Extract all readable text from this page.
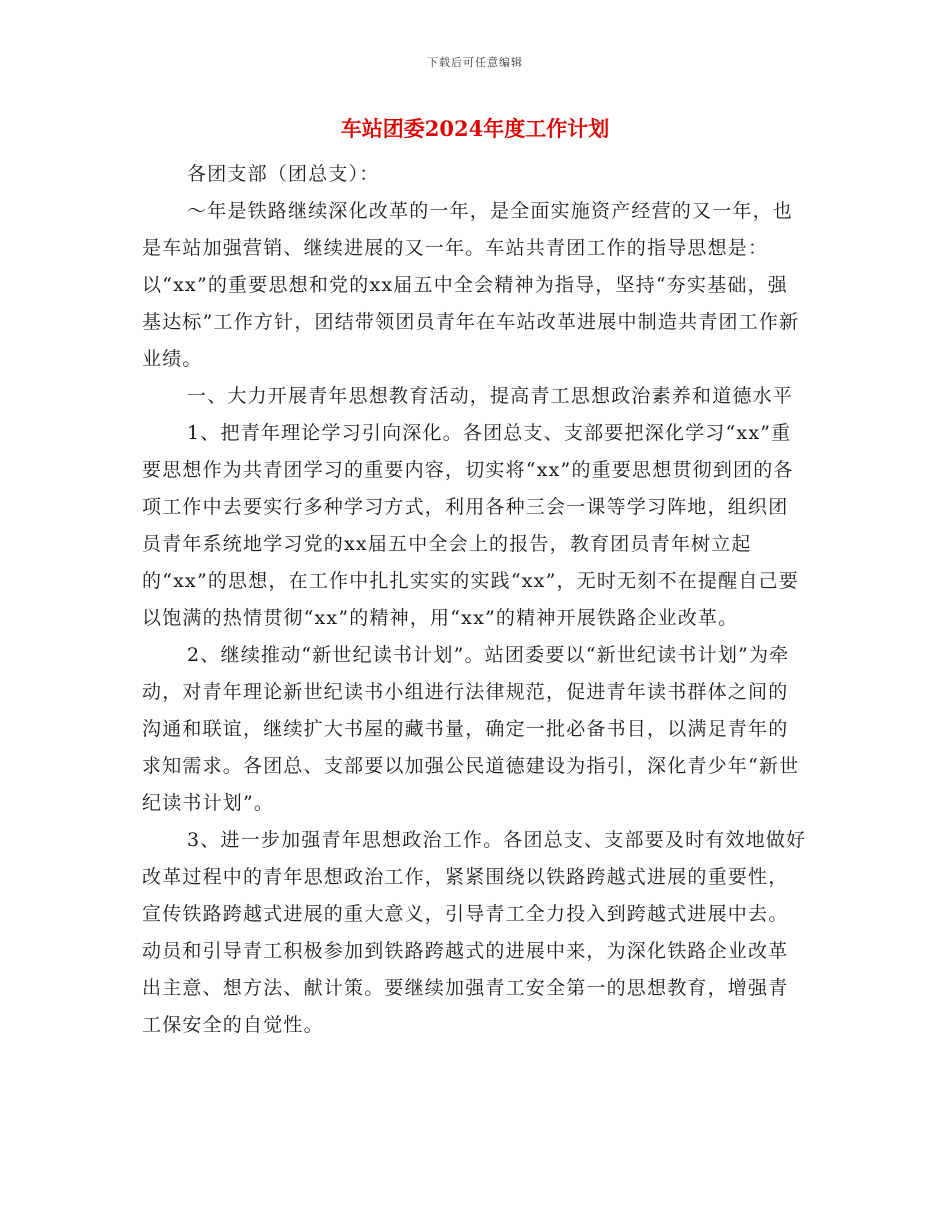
下载后可任意编辑
车站团委2024年度工作计划

各团支部（团总支）：

～年是铁路继续深化改革的一年，是全面实施资产经营的又一年，也是车站加强营销、继续进展的又一年。车站共青团工作的指导思想是：以“xx”的重要思想和党的xx届五中全会精神为指导，坚持“夯实基础，强基达标”工作方针，团结带领团员青年在车站改革进展中制造共青团工作新业绩。

一、大力开展青年思想教育活动，提高青工思想政治素养和道德水平

1、把青年理论学习引向深化。各团总支、支部要把深化学习“xx”重要思想作为共青团学习的重要内容，切实将“xx”的重要思想贯彻到团的各项工作中去要实行多种学习方式，利用各种三会一课等学习阵地，组织团员青年系统地学习党的xx届五中全会上的报告，教育团员青年树立起的“xx”的思想，在工作中扎扎实实的实践“xx”，无时无刻不在提醒自己要以饱满的热情贯彻“xx”的精神，用“xx”的精神开展铁路企业改革。

2、继续推动“新世纪读书计划”。站团委要以“新世纪读书计划”为牵动，对青年理论新世纪读书小组进行法律规范，促进青年读书群体之间的沟通和联谊，继续扩大书屋的藏书量，确定一批必备书目，以满足青年的求知需求。各团总、支部要以加强公民道德建设为指引，深化青少年“新世纪读书计划”。

3、进一步加强青年思想政治工作。各团总支、支部要及时有效地做好改革过程中的青年思想政治工作，紧紧围绕以铁路跨越式进展的重要性，宣传铁路跨越式进展的重大意义，引导青工全力投入到跨越式进展中去。动员和引导青工积极参加到铁路跨越式的进展中来，为深化铁路企业改革出主意、想方法、献计策。要继续加强青工安全第一的思想教育，增强青工保安全的自觉性。
